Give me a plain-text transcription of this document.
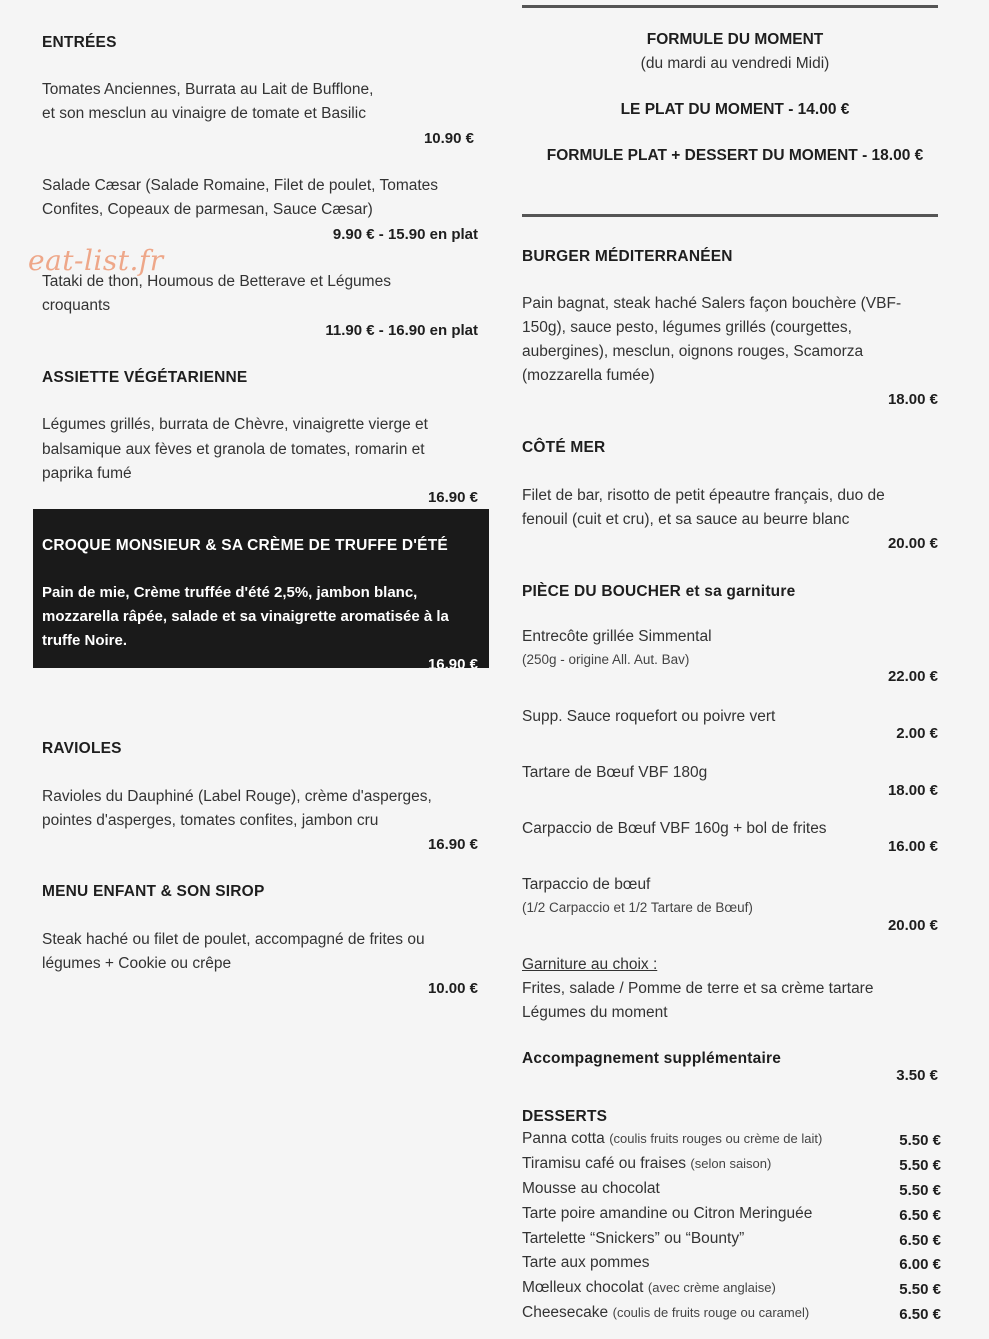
ENTRÉES
Tomates Anciennes, Burrata au Lait de Bufflone,
et son mesclun au vinaigre de tomate et Basilic
10.90 €
Salade Cæsar (Salade Romaine, Filet de poulet, Tomates
Confites, Copeaux de parmesan, Sauce Cæsar)
9.90 € - 15.90 en plat
Tataki de thon, Houmous de Betterave et Légumes
croquants
11.90 € - 16.90 en plat
ASSIETTE VÉGÉTARIENNE
Légumes grillés, burrata de Chèvre, vinaigrette vierge et
balsamique aux fèves et granola de tomates, romarin et
paprika fumé
16.90 €
RAVIOLES
Ravioles du Dauphiné (Label Rouge), crème d'asperges,
pointes d'asperges, tomates confites, jambon cru
16.90 €
MENU ENFANT & SON SIROP
Steak haché ou filet de poulet, accompagné de frites ou
légumes + Cookie ou crêpe
10.00 €
CROQUE MONSIEUR & SA CRÈME DE TRUFFE D'ÉTÉ
Pain de mie, Crème truffée d'été 2,5%, jambon blanc,
mozzarella râpée, salade et sa vinaigrette aromatisée à la
truffe Noire.
16.90 €
eat-list.fr
FORMULE DU MOMENT
(du mardi au vendredi Midi)
LE PLAT DU MOMENT - 14.00 €
FORMULE PLAT + DESSERT DU MOMENT - 18.00 €
BURGER MÉDITERRANÉEN
Pain bagnat, steak haché Salers façon bouchère (VBF-
150g), sauce pesto, légumes grillés (courgettes,
aubergines), mesclun, oignons rouges, Scamorza
(mozzarella fumée)
18.00 €
CÔTÉ MER
Filet de bar, risotto de petit épeautre français, duo de
fenouil (cuit et cru), et sa sauce au beurre blanc
20.00 €
PIÈCE DU BOUCHER et sa garniture
Entrecôte grillée Simmental
(250g - origine All. Aut. Bav)
22.00 €
Supp. Sauce roquefort ou poivre vert
2.00 €
Tartare de Bœuf VBF 180g
18.00 €
Carpaccio de Bœuf VBF 160g + bol de frites
16.00 €
Tarpaccio de bœuf
(1/2 Carpaccio et 1/2 Tartare de Bœuf)
20.00 €
Garniture au choix :
Frites, salade / Pomme de terre et sa crème tartare
Légumes du moment
Accompagnement supplémentaire
3.50 €
DESSERTS
Panna cotta (coulis fruits rouges ou crème de lait)	5.50 €
Tiramisu café ou fraises (selon saison)	5.50 €
Mousse au chocolat	5.50 €
Tarte poire amandine ou Citron Meringuée	6.50 €
Tartelette “Snickers” ou “Bounty”	6.50 €
Tarte aux pommes	6.00 €
Mœlleux chocolat (avec crème anglaise)	5.50 €
Cheesecake (coulis de fruits rouge ou caramel)	6.50 €
